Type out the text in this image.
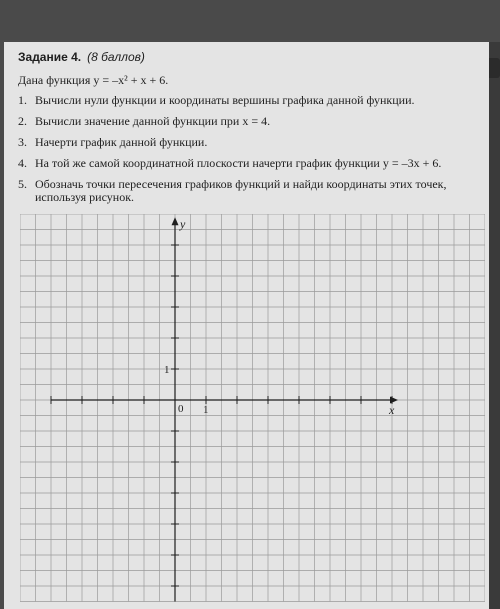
Задание 4. (8 баллов)
Дана функция y = –x² + x + 6.
1. Вычисли нули функции и координаты вершины графика данной функции.
2. Вычисли значение данной функции при x = 4.
3. Начерти график данной функции.
4. На той же самой координатной плоскости начерти график функции y = –3x + 6.
5. Обозначь точки пересечения графиков функций и найди координаты этих точек,
используя рисунок.
y
x
0 1
1
